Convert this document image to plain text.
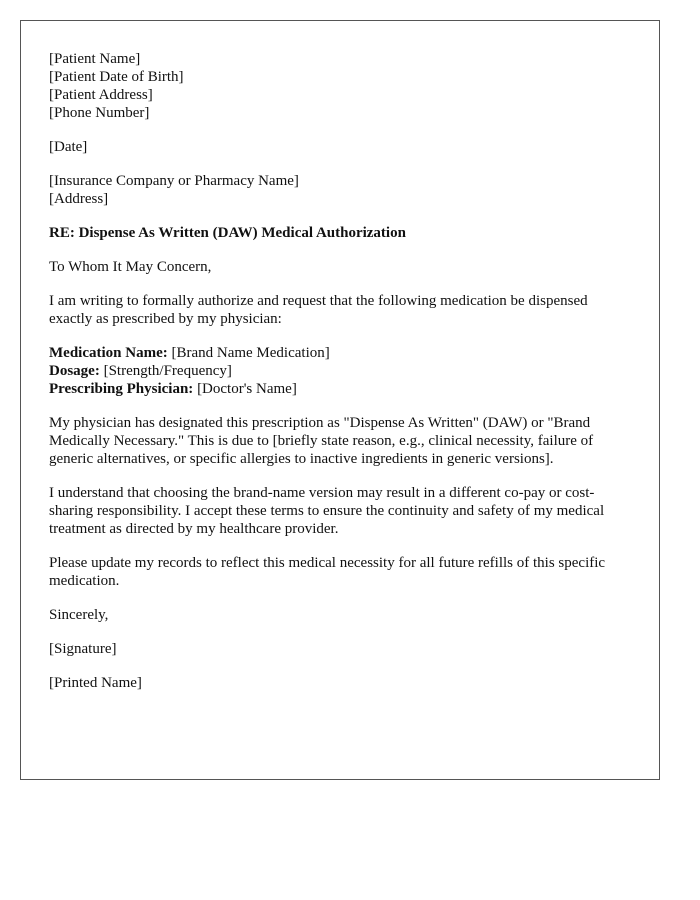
[Patient Name]
[Patient Date of Birth]
[Patient Address]
[Phone Number]
[Date]
[Insurance Company or Pharmacy Name]
[Address]
RE: Dispense As Written (DAW) Medical Authorization
To Whom It May Concern,
I am writing to formally authorize and request that the following medication be dispensed exactly as prescribed by my physician:
Medication Name: [Brand Name Medication]
Dosage: [Strength/Frequency]
Prescribing Physician: [Doctor's Name]
My physician has designated this prescription as "Dispense As Written" (DAW) or "Brand Medically Necessary." This is due to [briefly state reason, e.g., clinical necessity, failure of generic alternatives, or specific allergies to inactive ingredients in generic versions].
I understand that choosing the brand-name version may result in a different co-pay or cost-sharing responsibility. I accept these terms to ensure the continuity and safety of my medical treatment as directed by my healthcare provider.
Please update my records to reflect this medical necessity for all future refills of this specific medication.
Sincerely,
[Signature]
[Printed Name]
